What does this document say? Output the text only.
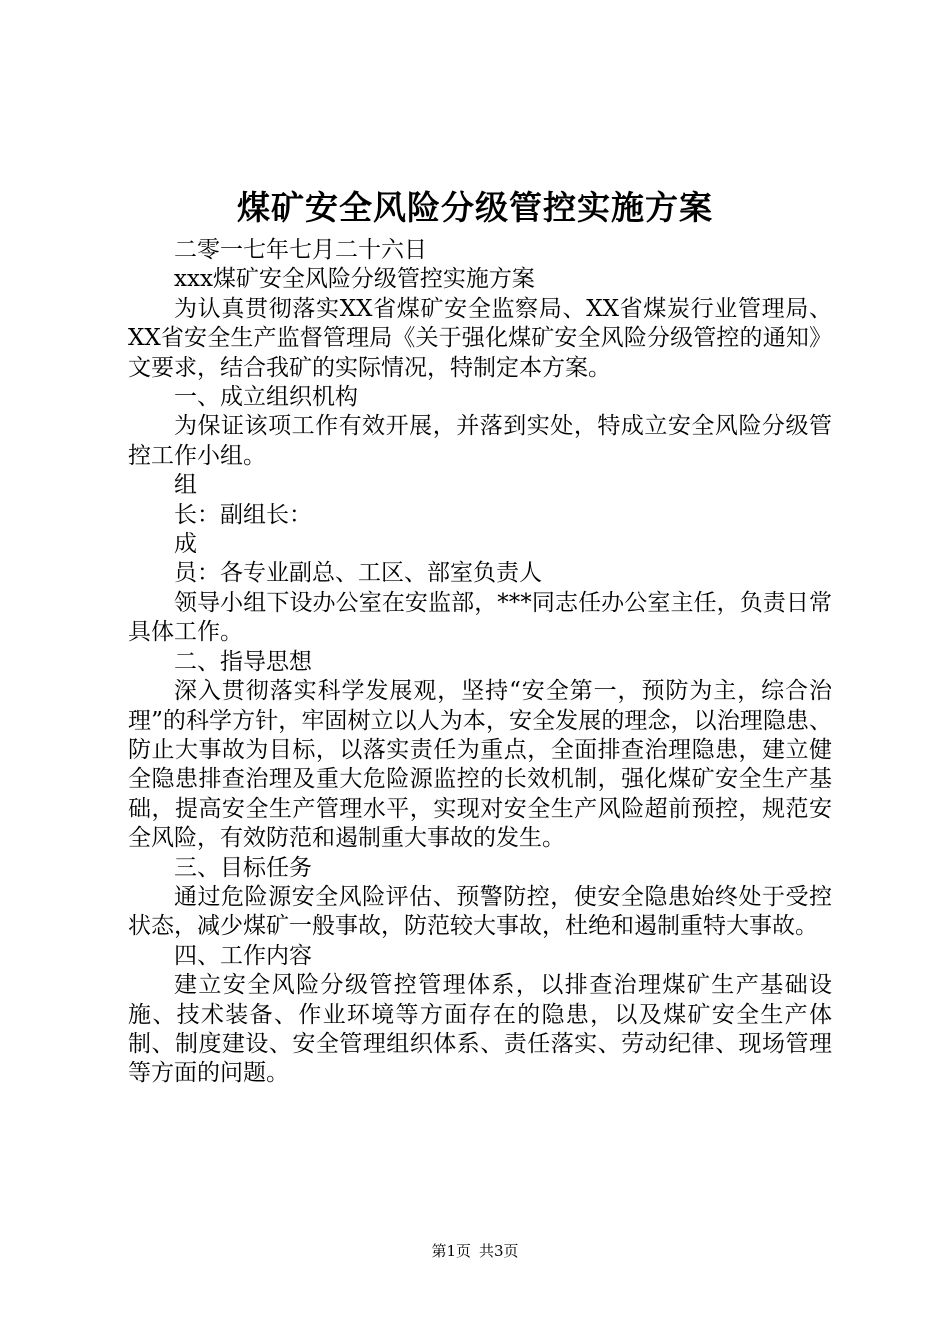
煤矿安全风险分级管控实施方案

二零一七年七月二十六日

xxx煤矿安全风险分级管控实施方案

为认真贯彻落实XX省煤矿安全监察局、XX省煤炭行业管理局、XX省安全生产监督管理局《关于强化煤矿安全风险分级管控的通知》文要求，结合我矿的实际情况，特制定本方案。

一、成立组织机构

为保证该项工作有效开展，并落到实处，特成立安全风险分级管控工作小组。

组

长：副组长：

成

员：各专业副总、工区、部室负责人

领导小组下设办公室在安监部，***同志任办公室主任，负责日常具体工作。

二、指导思想

深入贯彻落实科学发展观，坚持“安全第一，预防为主，综合治理”的科学方针，牢固树立以人为本，安全发展的理念，以治理隐患、防止大事故为目标，以落实责任为重点，全面排查治理隐患，建立健全隐患排查治理及重大危险源监控的长效机制，强化煤矿安全生产基础，提高安全生产管理水平，实现对安全生产风险超前预控，规范安全风险，有效防范和遏制重大事故的发生。

三、目标任务

通过危险源安全风险评估、预警防控，使安全隐患始终处于受控状态，减少煤矿一般事故，防范较大事故，杜绝和遏制重特大事故。

四、工作内容

建立安全风险分级管控管理体系，以排查治理煤矿生产基础设施、技术装备、作业环境等方面存在的隐患，以及煤矿安全生产体制、制度建设、安全管理组织体系、责任落实、劳动纪律、现场管理等方面的问题。

第1页 共3页
